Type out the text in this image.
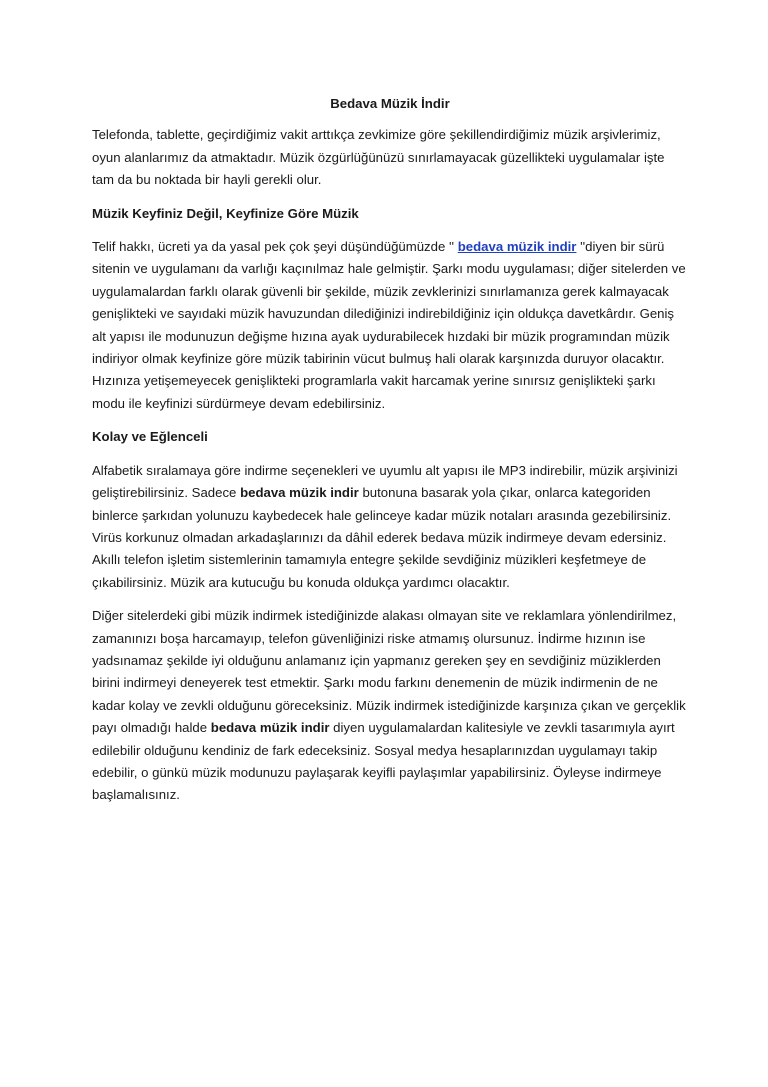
Bedava Müzik İndir

Telefonda, tablette, geçirdiğimiz vakit arttıkça zevkimize göre şekillendirdiğimiz müzik arşivlerimiz, oyun alanlarımız da atmaktadır. Müzik özgürlüğünüzü sınırlamayacak güzellikteki uygulamalar işte tam da bu noktada bir hayli gerekli olur.

Müzik Keyfiniz Değil, Keyfinize Göre Müzik

Telif hakkı, ücreti ya da yasal pek çok şeyi düşündüğümüzde '' bedava müzik indir ''diyen bir sürü sitenin ve uygulamanı da varlığı kaçınılmaz hale gelmiştir. Şarkı modu uygulaması; diğer sitelerden ve uygulamalardan farklı olarak güvenli bir şekilde, müzik zevklerinizi sınırlamanıza gerek kalmayacak genişlikteki ve sayıdaki müzik havuzundan dilediğinizi indirebildiğiniz için oldukça davetkârdır. Geniş alt yapısı ile modunuzun değişme hızına ayak uydurabilecek hızdaki bir müzik programından müzik indiriyor olmak keyfinize göre müzik tabirinin vücut bulmuş hali olarak karşınızda duruyor olacaktır. Hızınıza yetişemeyecek genişlikteki programlarla vakit harcamak yerine sınırsız genişlikteki şarkı modu ile keyfinizi sürdürmeye devam edebilirsiniz.

Kolay ve Eğlenceli

Alfabetik sıralamaya göre indirme seçenekleri ve uyumlu alt yapısı ile MP3 indirebilir, müzik arşivinizi geliştirebilirsiniz. Sadece bedava müzik indir butonuna basarak yola çıkar, onlarca kategoriden binlerce şarkıdan yolunuzu kaybedecek hale gelinceye kadar müzik notaları arasında gezebilirsiniz. Virüs korkunuz olmadan arkadaşlarınızı da dâhil ederek bedava müzik indirmeye devam edersiniz. Akıllı telefon işletim sistemlerinin tamamıyla entegre şekilde sevdiğiniz müzikleri keşfetmeye de çıkabilirsiniz. Müzik ara kutucuğu bu konuda oldukça yardımcı olacaktır.

Diğer sitelerdeki gibi müzik indirmek istediğinizde alakası olmayan site ve reklamlara yönlendirilmez, zamanınızı boşa harcamayıp, telefon güvenliğinizi riske atmamış olursunuz. İndirme hızının ise yadsınamaz şekilde iyi olduğunu anlamanız için yapmanız gereken şey en sevdiğiniz müziklerden birini indirmeyi deneyerek test etmektir. Şarkı modu farkını denemenin de müzik indirmenin de ne kadar kolay ve zevkli olduğunu göreceksiniz. Müzik indirmek istediğinizde karşınıza çıkan ve gerçeklik payı olmadığı halde bedava müzik indir diyen uygulamalardan kalitesiyle ve zevkli tasarımıyla ayırt edilebilir olduğunu kendiniz de fark edeceksiniz. Sosyal medya hesaplarınızdan uygulamayı takip edebilir, o günkü müzik modunuzu paylaşarak keyifli paylaşımlar yapabilirsiniz. Öyleyse indirmeye başlamalısınız.
